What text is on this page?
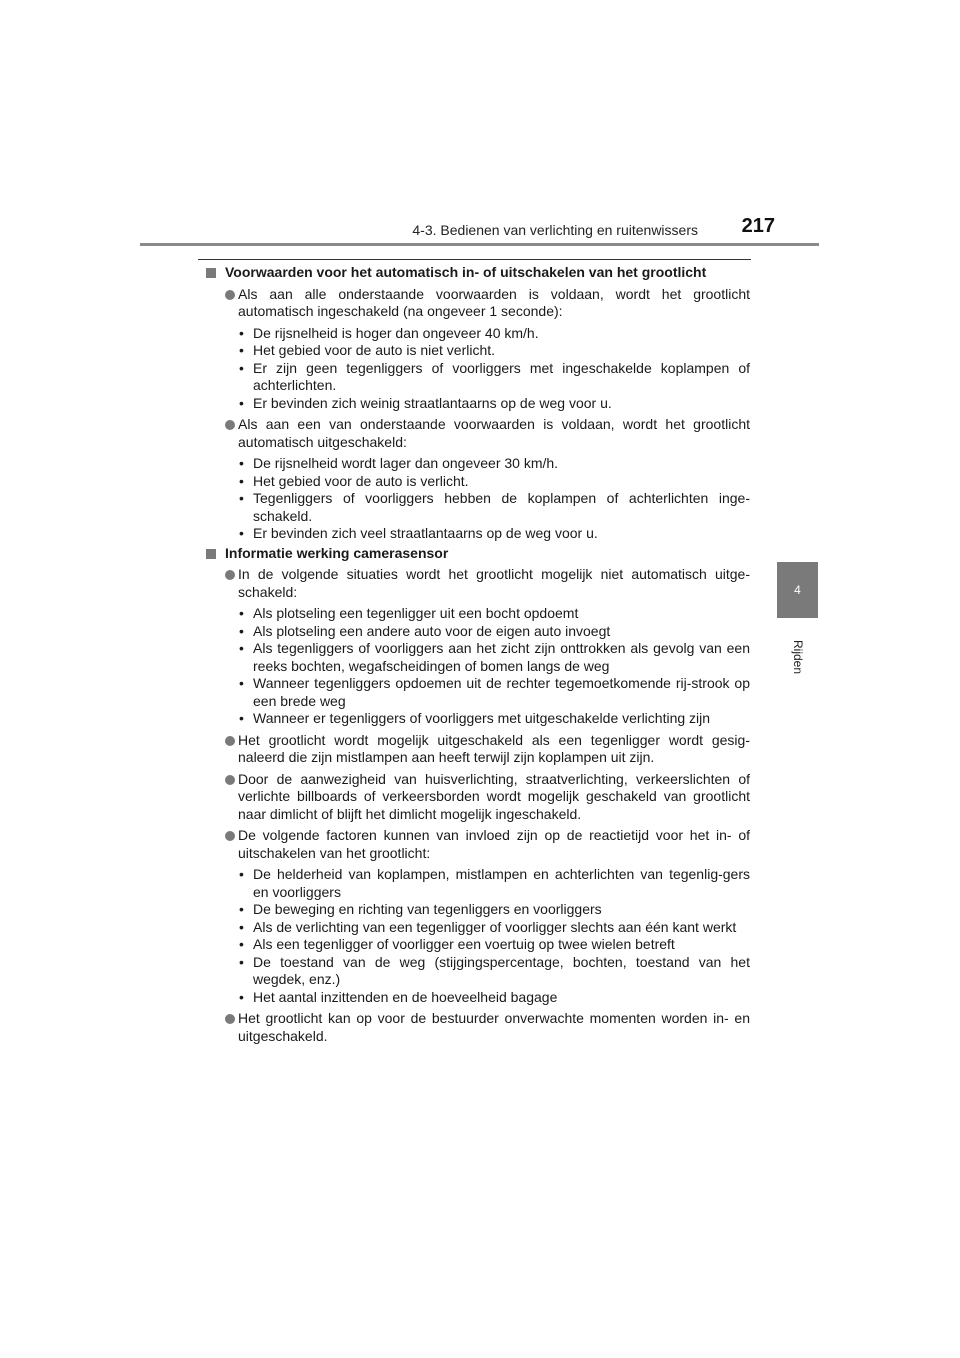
4-3. Bedienen van verlichting en ruitenwissers 217
4
Rijden
Voorwaarden voor het automatisch in- of uitschakelen van het grootlicht
Als aan alle onderstaande voorwaarden is voldaan, wordt het grootlicht automatisch ingeschakeld (na ongeveer 1 seconde):
• De rijsnelheid is hoger dan ongeveer 40 km/h.
• Het gebied voor de auto is niet verlicht.
• Er zijn geen tegenliggers of voorliggers met ingeschakelde koplampen of achterlichten.
• Er bevinden zich weinig straatlantaarns op de weg voor u.
Als aan een van onderstaande voorwaarden is voldaan, wordt het grootlicht automatisch uitgeschakeld:
• De rijsnelheid wordt lager dan ongeveer 30 km/h.
• Het gebied voor de auto is verlicht.
• Tegenliggers of voorliggers hebben de koplampen of achterlichten inge-schakeld.
• Er bevinden zich veel straatlantaarns op de weg voor u.
Informatie werking camerasensor
In de volgende situaties wordt het grootlicht mogelijk niet automatisch uitge-schakeld:
• Als plotseling een tegenligger uit een bocht opdoemt
• Als plotseling een andere auto voor de eigen auto invoegt
• Als tegenliggers of voorliggers aan het zicht zijn onttrokken als gevolg van een reeks bochten, wegafscheidingen of bomen langs de weg
• Wanneer tegenliggers opdoemen uit de rechter tegemoetkomende rij-strook op een brede weg
• Wanneer er tegenliggers of voorliggers met uitgeschakelde verlichting zijn
Het grootlicht wordt mogelijk uitgeschakeld als een tegenligger wordt gesig-naleerd die zijn mistlampen aan heeft terwijl zijn koplampen uit zijn.
Door de aanwezigheid van huisverlichting, straatverlichting, verkeerslichten of verlichte billboards of verkeersborden wordt mogelijk geschakeld van grootlicht naar dimlicht of blijft het dimlicht mogelijk ingeschakeld.
De volgende factoren kunnen van invloed zijn op de reactietijd voor het in- of uitschakelen van het grootlicht:
• De helderheid van koplampen, mistlampen en achterlichten van tegenlig-gers en voorliggers
• De beweging en richting van tegenliggers en voorliggers
• Als de verlichting van een tegenligger of voorligger slechts aan één kant werkt
• Als een tegenligger of voorligger een voertuig op twee wielen betreft
• De toestand van de weg (stijgingspercentage, bochten, toestand van het wegdek, enz.)
• Het aantal inzittenden en de hoeveelheid bagage
Het grootlicht kan op voor de bestuurder onverwachte momenten worden in- en uitgeschakeld.
